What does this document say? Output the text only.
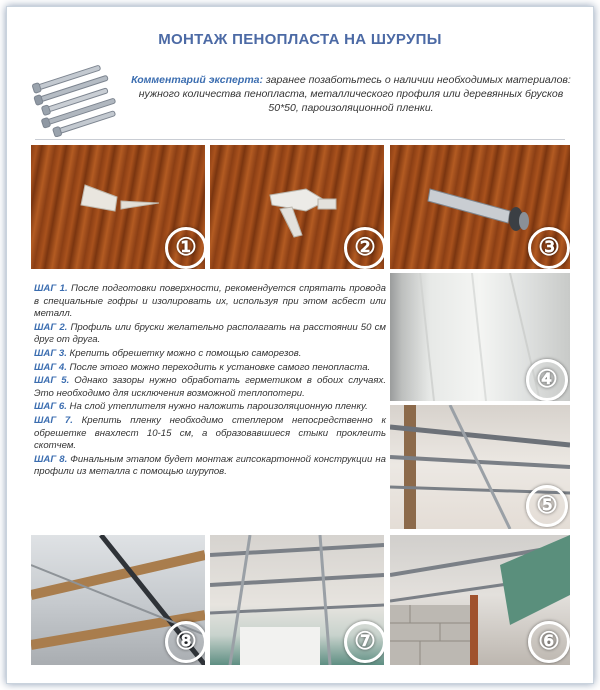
МОНТАЖ ПЕНОПЛАСТА НА ШУРУПЫ
Комментарий эксперта: заранее позаботьтесь о наличии необходимых материалов: нужного количества пенопласта, металлического профиля или деревянных брусков 50*50, пароизоляционной пленки.
①	②	③
④
⑤
⑧	⑦	⑥

ШАГ 1. После подготовки поверхности, рекомендуется спрятать провода в специальные гофры и изолировать их, используя при этом асбест или металл.

ШАГ 2. Профиль или бруски желательно располагать на расстоянии 50 см друг от друга.

ШАГ 3. Крепить обрешетку можно с помощью саморезов.

ШАГ 4. После этого можно переходить к установке самого пенопласта.

ШАГ 5. Однако зазоры нужно обработать герметиком в обоих случаях. Это необходимо для исключения возможной теплопотери.

ШАГ 6. На слой утеплителя нужно наложить пароизоляционную пленку.

ШАГ 7. Крепить пленку необходимо степлером непосредственно к обрешетке внахлест 10-15 см, а образовавшиеся стыки проклеить скотчем.

ШАГ 8. Финальным этапом будет монтаж гипсокартонной конструкции на профили из металла с помощью шурупов.
